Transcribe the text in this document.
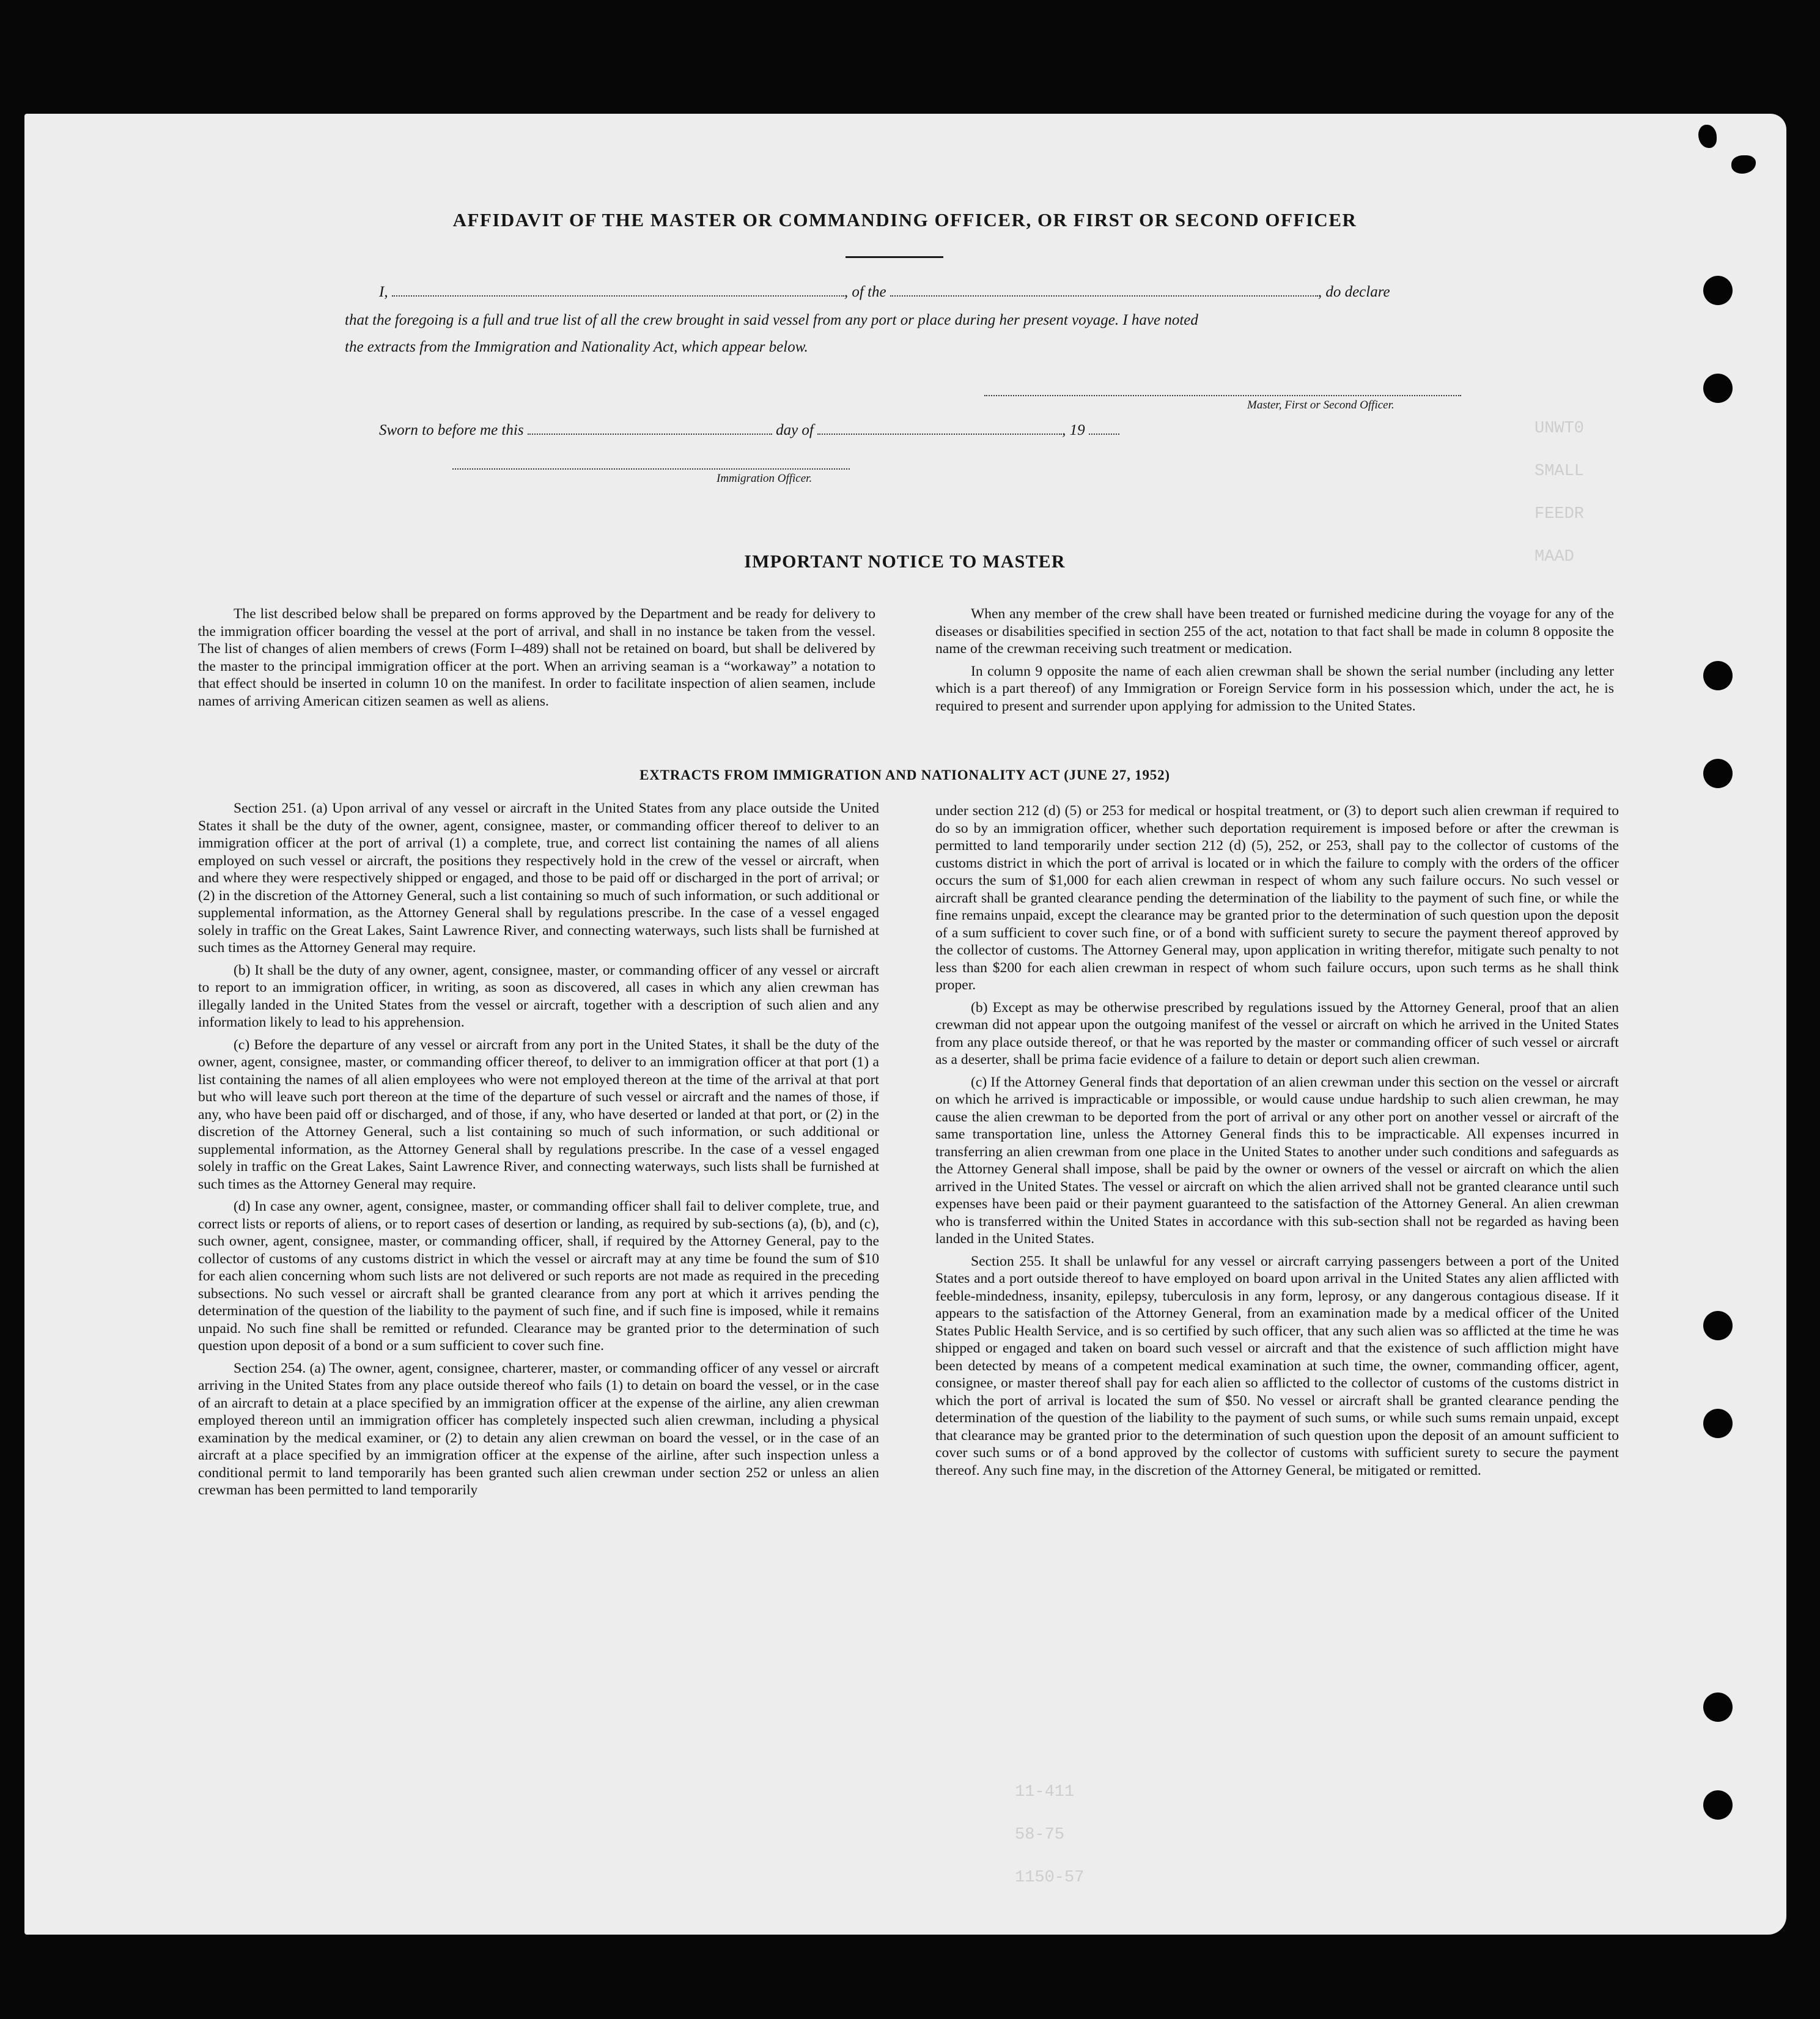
UNWT0
SMALL
FEEDR
MAAD
11-411
58-75
1150-57
AFFIDAVIT OF THE MASTER OR COMMANDING OFFICER, OR FIRST OR SECOND OFFICER
I,	, of the	, do declare
that the foregoing is a full and true list of all the crew brought in said vessel from any port or place during her present voyage. I have noted
the extracts from the Immigration and Nationality Act, which appear below.
Master, First or Second Officer.
Sworn to before me this	day of	, 19
Immigration Officer.
IMPORTANT NOTICE TO MASTER

The list described below shall be prepared on forms approved by the Department and be ready for delivery to the immigration officer boarding the vessel at the port of arrival, and shall in no instance be taken from the vessel. The list of changes of alien members of crews (Form I–489) shall not be retained on board, but shall be delivered by the master to the principal immigration officer at the port. When an arriving seaman is a “workaway” a notation to that effect should be inserted in column 10 on the manifest. In order to facilitate inspection of alien seamen, include names of arriving American citizen seamen as well as aliens.

When any member of the crew shall have been treated or furnished medicine during the voyage for any of the diseases or disabilities specified in section 255 of the act, notation to that fact shall be made in column 8 opposite the name of the crewman receiving such treatment or medication.

In column 9 opposite the name of each alien crewman shall be shown the serial number (including any letter which is a part thereof) of any Immigration or Foreign Service form in his possession which, under the act, he is required to present and surrender upon applying for admission to the United States.

EXTRACTS FROM IMMIGRATION AND NATIONALITY ACT (JUNE 27, 1952)

Section 251. (a) Upon arrival of any vessel or aircraft in the United States from any place outside the United States it shall be the duty of the owner, agent, consignee, master, or commanding officer thereof to deliver to an immigration officer at the port of arrival (1) a complete, true, and correct list containing the names of all aliens employed on such vessel or aircraft, the positions they respectively hold in the crew of the vessel or aircraft, when and where they were respectively shipped or engaged, and those to be paid off or discharged in the port of arrival; or (2) in the discretion of the Attorney General, such a list containing so much of such information, or such additional or supplemental information, as the Attorney General shall by regulations prescribe. In the case of a vessel engaged solely in traffic on the Great Lakes, Saint Lawrence River, and connecting waterways, such lists shall be furnished at such times as the Attorney General may require.

(b) It shall be the duty of any owner, agent, consignee, master, or commanding officer of any vessel or aircraft to report to an immigration officer, in writing, as soon as discovered, all cases in which any alien crewman has illegally landed in the United States from the vessel or aircraft, together with a description of such alien and any information likely to lead to his apprehension.

(c) Before the departure of any vessel or aircraft from any port in the United States, it shall be the duty of the owner, agent, consignee, master, or commanding officer thereof, to deliver to an immigration officer at that port (1) a list containing the names of all alien employees who were not employed thereon at the time of the arrival at that port but who will leave such port thereon at the time of the departure of such vessel or aircraft and the names of those, if any, who have been paid off or discharged, and of those, if any, who have deserted or landed at that port, or (2) in the discretion of the Attorney General, such a list containing so much of such information, or such additional or supplemental information, as the Attorney General shall by regulations prescribe. In the case of a vessel engaged solely in traffic on the Great Lakes, Saint Lawrence River, and connecting waterways, such lists shall be furnished at such times as the Attorney General may require.

(d) In case any owner, agent, consignee, master, or commanding officer shall fail to deliver complete, true, and correct lists or reports of aliens, or to report cases of desertion or landing, as required by sub-sections (a), (b), and (c), such owner, agent, consignee, master, or commanding officer, shall, if required by the Attorney General, pay to the collector of customs of any customs district in which the vessel or aircraft may at any time be found the sum of $10 for each alien concerning whom such lists are not delivered or such reports are not made as required in the preceding subsections. No such vessel or aircraft shall be granted clearance from any port at which it arrives pending the determination of the question of the liability to the payment of such fine, and if such fine is imposed, while it remains unpaid. No such fine shall be remitted or refunded. Clearance may be granted prior to the determination of such question upon deposit of a bond or a sum sufficient to cover such fine.

Section 254. (a) The owner, agent, consignee, charterer, master, or commanding officer of any vessel or aircraft arriving in the United States from any place outside thereof who fails (1) to detain on board the vessel, or in the case of an aircraft to detain at a place specified by an immigration officer at the expense of the airline, any alien crewman employed thereon until an immigration officer has completely inspected such alien crewman, including a physical examination by the medical examiner, or (2) to detain any alien crewman on board the vessel, or in the case of an aircraft at a place specified by an immigration officer at the expense of the airline, after such inspection unless a conditional permit to land temporarily has been granted such alien crewman under section 252 or unless an alien crewman has been permitted to land temporarily

under section 212 (d) (5) or 253 for medical or hospital treatment, or (3) to deport such alien crewman if required to do so by an immigration officer, whether such deportation requirement is imposed before or after the crewman is permitted to land temporarily under section 212 (d) (5), 252, or 253, shall pay to the collector of customs of the customs district in which the port of arrival is located or in which the failure to comply with the orders of the officer occurs the sum of $1,000 for each alien crewman in respect of whom any such failure occurs. No such vessel or aircraft shall be granted clearance pending the determination of the liability to the payment of such fine, or while the fine remains unpaid, except the clearance may be granted prior to the determination of such question upon the deposit of a sum sufficient to cover such fine, or of a bond with sufficient surety to secure the payment thereof approved by the collector of customs. The Attorney General may, upon application in writing therefor, mitigate such penalty to not less than $200 for each alien crewman in respect of whom such failure occurs, upon such terms as he shall think proper.

(b) Except as may be otherwise prescribed by regulations issued by the Attorney General, proof that an alien crewman did not appear upon the outgoing manifest of the vessel or aircraft on which he arrived in the United States from any place outside thereof, or that he was reported by the master or commanding officer of such vessel or aircraft as a deserter, shall be prima facie evidence of a failure to detain or deport such alien crewman.

(c) If the Attorney General finds that deportation of an alien crewman under this section on the vessel or aircraft on which he arrived is impracticable or impossible, or would cause undue hardship to such alien crewman, he may cause the alien crewman to be deported from the port of arrival or any other port on another vessel or aircraft of the same transportation line, unless the Attorney General finds this to be impracticable. All expenses incurred in transferring an alien crewman from one place in the United States to another under such conditions and safeguards as the Attorney General shall impose, shall be paid by the owner or owners of the vessel or aircraft on which the alien arrived in the United States. The vessel or aircraft on which the alien arrived shall not be granted clearance until such expenses have been paid or their payment guaranteed to the satisfaction of the Attorney General. An alien crewman who is transferred within the United States in accordance with this sub-section shall not be regarded as having been landed in the United States.

Section 255. It shall be unlawful for any vessel or aircraft carrying passengers between a port of the United States and a port outside thereof to have employed on board upon arrival in the United States any alien afflicted with feeble-mindedness, insanity, epilepsy, tuberculosis in any form, leprosy, or any dangerous contagious disease. If it appears to the satisfaction of the Attorney General, from an examination made by a medical officer of the United States Public Health Service, and is so certified by such officer, that any such alien was so afflicted at the time he was shipped or engaged and taken on board such vessel or aircraft and that the existence of such affliction might have been detected by means of a competent medical examination at such time, the owner, commanding officer, agent, consignee, or master thereof shall pay for each alien so afflicted to the collector of customs of the customs district in which the port of arrival is located the sum of $50. No vessel or aircraft shall be granted clearance pending the determination of the question of the liability to the payment of such sums, or while such sums remain unpaid, except that clearance may be granted prior to the determination of such question upon the deposit of an amount sufficient to cover such sums or of a bond approved by the collector of customs with sufficient surety to secure the payment thereof. Any such fine may, in the discretion of the Attorney General, be mitigated or remitted.
